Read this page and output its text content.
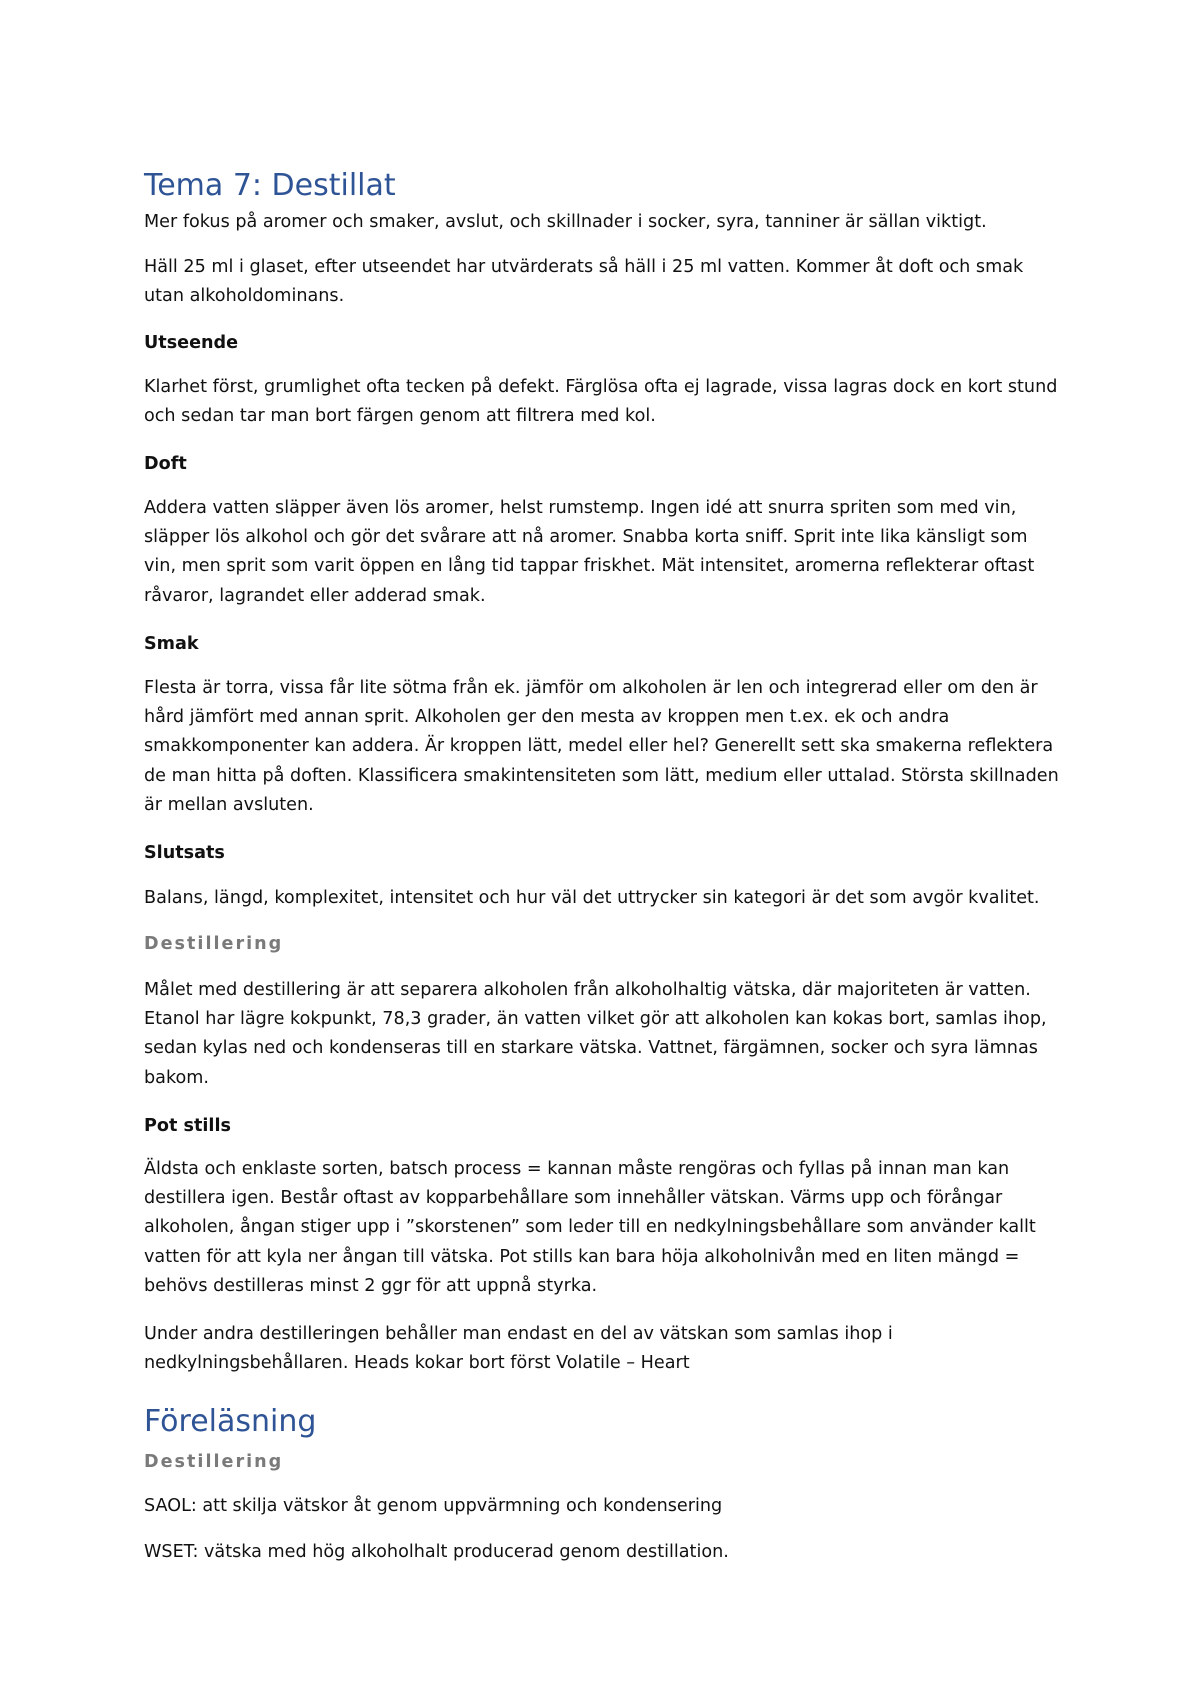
Tema 7: Destillat

Mer fokus på aromer och smaker, avslut, och skillnader i socker, syra, tanniner är sällan viktigt.

Häll 25 ml i glaset, efter utseendet har utvärderats så häll i 25 ml vatten. Kommer åt doft och smak utan alkoholdominans.

Utseende

Klarhet först, grumlighet ofta tecken på defekt. Färglösa ofta ej lagrade, vissa lagras dock en kort stund och sedan tar man bort färgen genom att filtrera med kol.

Doft

Addera vatten släpper även lös aromer, helst rumstemp. Ingen idé att snurra spriten som med vin, släpper lös alkohol och gör det svårare att nå aromer. Snabba korta sniff. Sprit inte lika känsligt som vin, men sprit som varit öppen en lång tid tappar friskhet. Mät intensitet, aromerna reflekterar oftast råvaror, lagrandet eller adderad smak.

Smak

Flesta är torra, vissa får lite sötma från ek. jämför om alkoholen är len och integrerad eller om den är hård jämfört med annan sprit. Alkoholen ger den mesta av kroppen men t.ex. ek och andra smakkomponenter kan addera. Är kroppen lätt, medel eller hel? Generellt sett ska smakerna reflektera de man hitta på doften. Klassificera smakintensiteten som lätt, medium eller uttalad. Största skillnaden är mellan avsluten.

Slutsats

Balans, längd, komplexitet, intensitet och hur väl det uttrycker sin kategori är det som avgör kvalitet.

Destillering

Målet med destillering är att separera alkoholen från alkoholhaltig vätska, där majoriteten är vatten. Etanol har lägre kokpunkt, 78,3 grader, än vatten vilket gör att alkoholen kan kokas bort, samlas ihop, sedan kylas ned och kondenseras till en starkare vätska. Vattnet, färgämnen, socker och syra lämnas bakom.

Pot stills

Äldsta och enklaste sorten, batsch process = kannan måste rengöras och fyllas på innan man kan destillera igen. Består oftast av kopparbehållare som innehåller vätskan. Värms upp och förångar alkoholen, ångan stiger upp i ”skorstenen” som leder till en nedkylningsbehållare som använder kallt vatten för att kyla ner ångan till vätska. Pot stills kan bara höja alkoholnivån med en liten mängd = behövs destilleras minst 2 ggr för att uppnå styrka.

Under andra destilleringen behåller man endast en del av vätskan som samlas ihop i nedkylningsbehållaren. Heads kokar bort först Volatile – Heart

Föreläsning
Destillering

SAOL: att skilja vätskor åt genom uppvärmning och kondensering

WSET: vätska med hög alkoholhalt producerad genom destillation.
